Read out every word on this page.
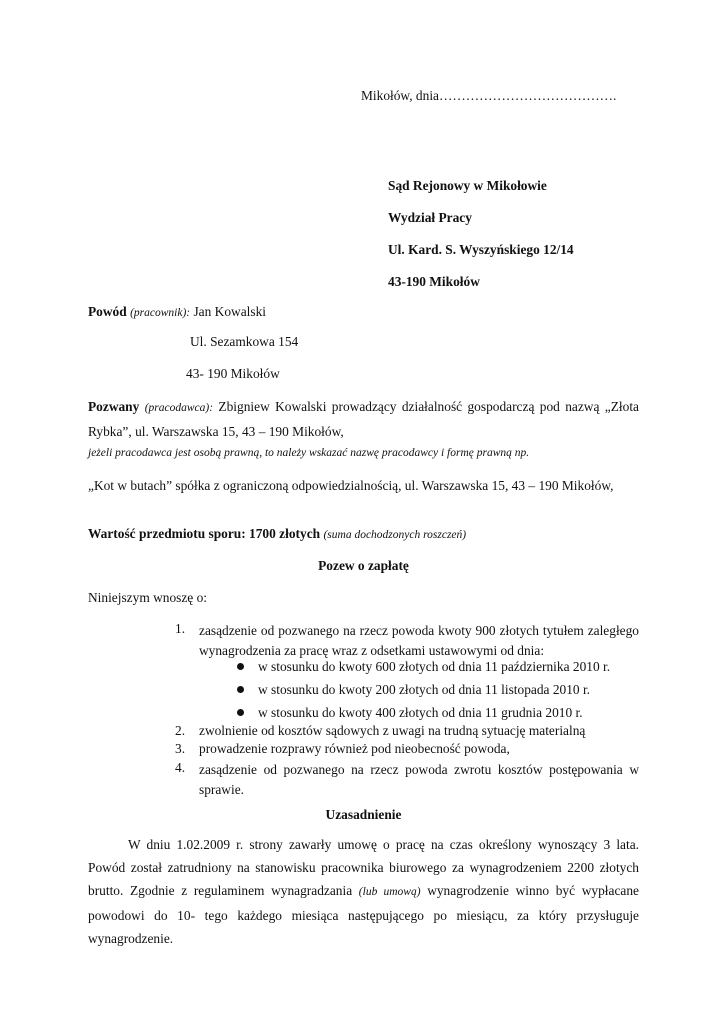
Mikołów, dnia………………………………….
Sąd Rejonowy w Mikołowie
Wydział Pracy
Ul. Kard. S. Wyszyńskiego 12/14
43-190 Mikołów
Powód (pracownik): Jan Kowalski
Ul. Sezamkowa 154
43- 190 Mikołów
Pozwany (pracodawca): Zbigniew Kowalski prowadzący działalność gospodarczą pod nazwą „Złota Rybka”, ul. Warszawska 15, 43 – 190 Mikołów,
jeżeli pracodawca jest osobą prawną, to należy wskazać nazwę pracodawcy i formę prawną np.
„Kot w butach” spółka z ograniczoną odpowiedzialnością, ul. Warszawska 15, 43 – 190 Mikołów,
Wartość przedmiotu sporu: 1700 złotych (suma dochodzonych roszczeń)
Pozew o zapłatę
Niniejszym wnoszę o:
1. zasądzenie od pozwanego na rzecz powoda kwoty 900 złotych tytułem zaległego wynagrodzenia za pracę wraz z odsetkami ustawowymi od dnia:
w stosunku do kwoty 600 złotych od dnia 11 października 2010 r.
w stosunku do kwoty 200 złotych od dnia 11 listopada 2010 r.
w stosunku do kwoty 400 złotych od dnia 11 grudnia 2010 r.
2. zwolnienie od kosztów sądowych z uwagi na trudną sytuację materialną
3. prowadzenie rozprawy również pod nieobecność powoda,
4. zasądzenie od pozwanego na rzecz powoda zwrotu kosztów postępowania w sprawie.
Uzasadnienie
W dniu 1.02.2009 r. strony zawarły umowę o pracę na czas określony wynoszący 3 lata. Powód został zatrudniony na stanowisku pracownika biurowego za wynagrodzeniem 2200 złotych brutto. Zgodnie z regulaminem wynagradzania (lub umową) wynagrodzenie winno być wypłacane powodowi do 10- tego każdego miesiąca następującego po miesiącu, za który przysługuje wynagrodzenie.
